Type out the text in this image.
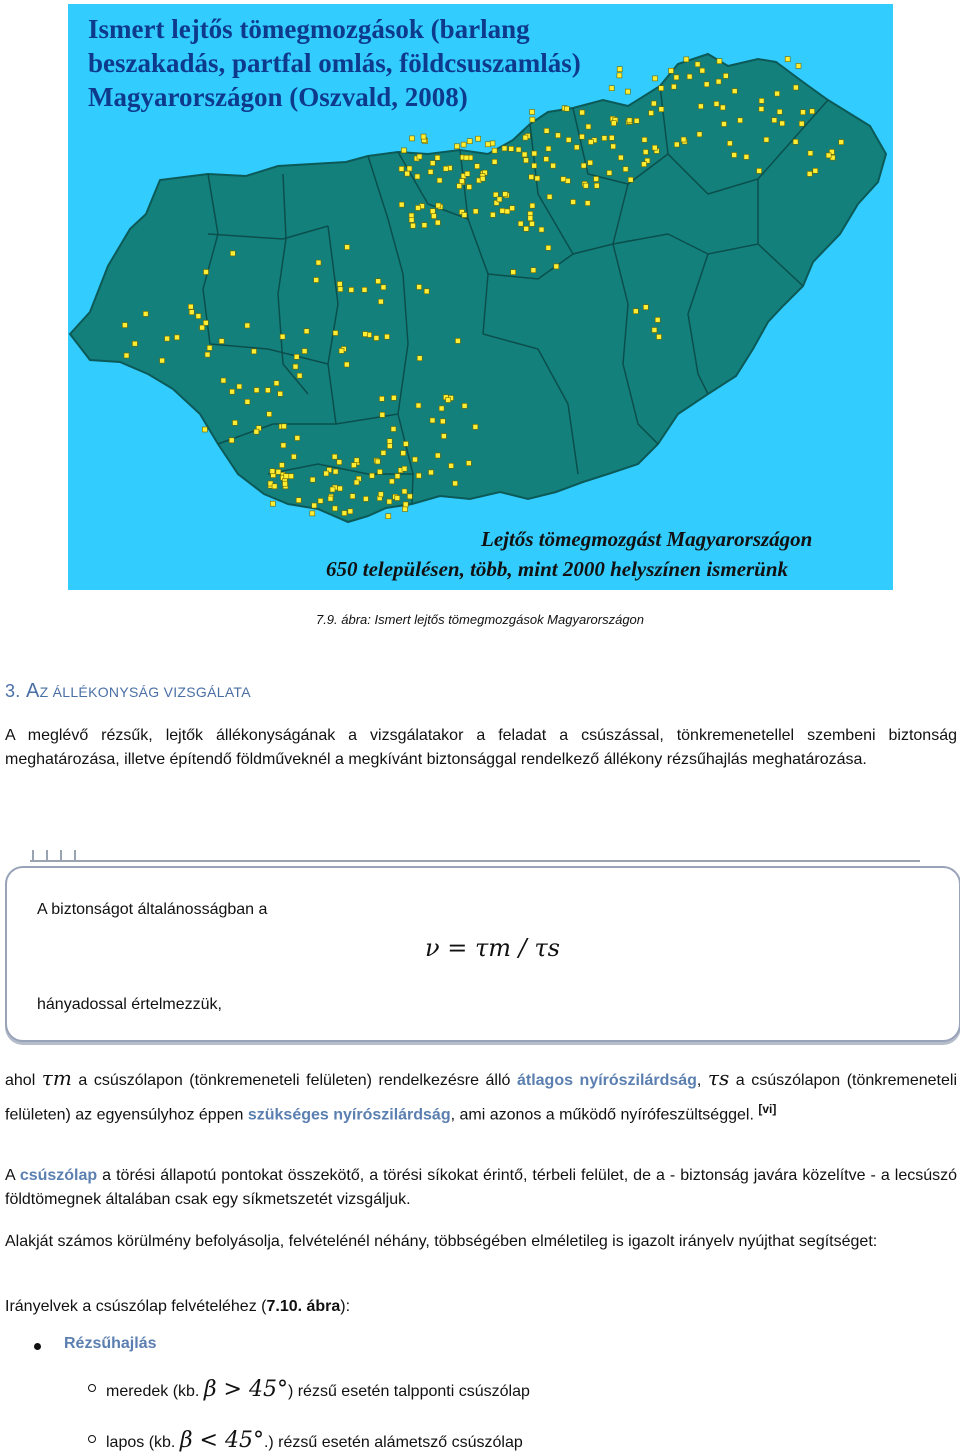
Ismert lejtős tömegmozgások (barlang
beszakadás, partfal omlás, földcsuszamlás)
Magyarországon (Oszvald, 2008)
Lejtős tömegmozgást Magyarországon
650 településen, több, mint 2000 helyszínen ismerünk
7.9. ábra: Ismert lejtős tömegmozgások Magyarországon
3. AZ ÁLLÉKONYSÁG VIZSGÁLATA

A meglévő rézsűk, lejtők állékonyságának a vizsgálatakor a feladat a csúszással, tönkremenetellel szembeni biztonság meghatározása, illetve építendő földműveknél a megkívánt biztonsággal rendelkező állékony rézsűhajlás meghatározása.

A biztonságot általánosságban a
ν = τm / τs
hányadossal értelmezzük,

ahol τm a csúszólapon (tönkremeneteli felületen) rendelkezésre álló átlagos nyírószilárdság, τs a csúszólapon (tönkremeneteli felületen) az egyensúlyhoz éppen szükséges nyírószilárdság, ami azonos a működő nyírófeszültséggel. [vi]

A csúszólap a törési állapotú pontokat összekötő, a törési síkokat érintő, térbeli felület, de a - biztonság javára közelítve - a lecsúszó földtömegnek általában csak egy síkmetszetét vizsgáljuk.

Alakját számos körülmény befolyásolja, felvételénél néhány, többségében elméletileg is igazolt irányelv nyújthat segítséget:

Irányelvek a csúszólap felvételéhez (7.10. ábra):

Rézsűhajlás
meredek (kb. β > 45°) rézsű esetén talpponti csúszólap
lapos (kb. β < 45°.) rézsű esetén alámetsző csúszólap
